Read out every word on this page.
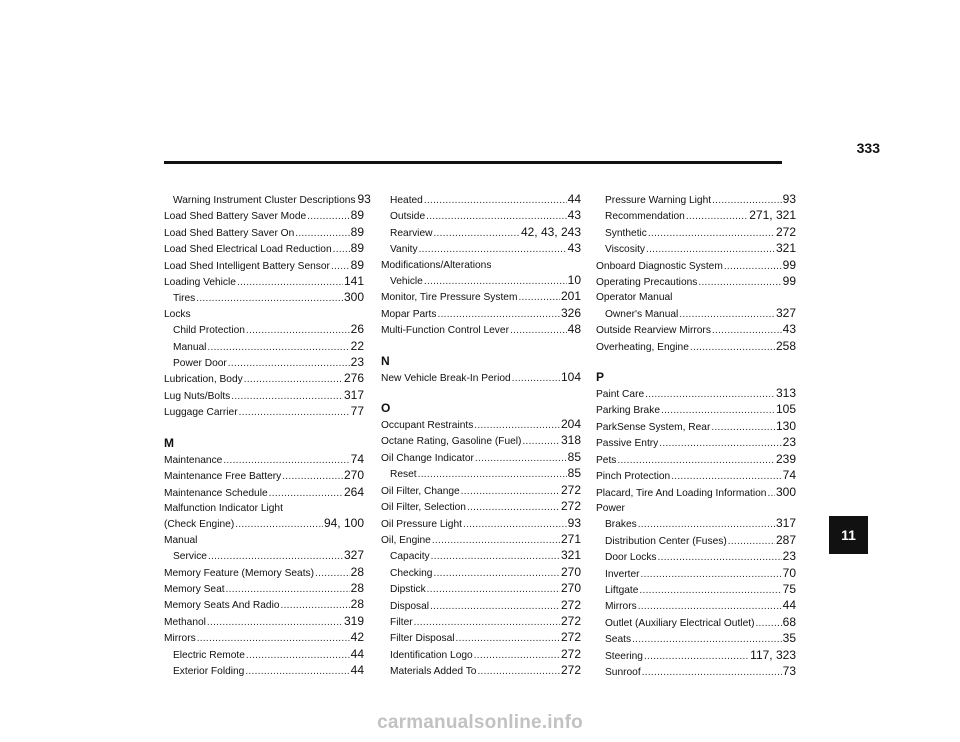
333
Warning Instrument Cluster Descriptions 93
Load Shed Battery Saver Mode .....	89
Load Shed Battery Saver On .....	89
Load Shed Electrical Load Reduction ..... 89
Load Shed Intelligent Battery Sensor ..... 89
Loading Vehicle .....	141
Tires .....	300
Locks
Child Protection .....	26
Manual .....	22
Power Door .....	23
Lubrication, Body .....	276
Lug Nuts/Bolts .....	317
Luggage Carrier .....	77
M
Maintenance .....	74
Maintenance Free Battery .....	270
Maintenance Schedule .....	264
Malfunction Indicator Light
(Check Engine) .....	94, 100
Manual
Service .....	327
Memory Feature (Memory Seats) .....	28
Memory Seat .....	28
Memory Seats And Radio .....	28
Methanol .....	319
Mirrors .....	42
Electric Remote .....	44
Exterior Folding .....	44
Heated .....	44
Outside .....	43
Rearview .....	42, 43, 243
Vanity .....	43
Modifications/Alterations
Vehicle .....	10
Monitor, Tire Pressure System .....	201
Mopar Parts .....	326
Multi-Function Control Lever .....	48
N
New Vehicle Break-In Period .....	104
O
Occupant Restraints .....	204
Octane Rating, Gasoline (Fuel) .....	318
Oil Change Indicator .....	85
Reset .....	85
Oil Filter, Change .....	272
Oil Filter, Selection .....	272
Oil Pressure Light .....	93
Oil, Engine .....	271
Capacity .....	321
Checking .....	270
Dipstick .....	270
Disposal .....	272
Filter .....	272
Filter Disposal .....	272
Identification Logo .....	272
Materials Added To .....	272
Pressure Warning Light .....	93
Recommendation .....	271, 321
Synthetic .....	272
Viscosity .....	321
Onboard Diagnostic System .....	99
Operating Precautions .....	99
Operator Manual
Owner's Manual .....	327
Outside Rearview Mirrors .....	43
Overheating, Engine .....	258
P
Paint Care .....	313
Parking Brake .....	105
ParkSense System, Rear .....	130
Passive Entry .....	23
Pets .....	239
Pinch Protection .....	74
Placard, Tire And Loading Information ..... 300
Power
Brakes .....	317
Distribution Center (Fuses) .....	287
Door Locks .....	23
Inverter .....	70
Liftgate .....	75
Mirrors .....	44
Outlet (Auxiliary Electrical Outlet) ..... 68
Seats .....	35
Steering .....	117, 323
Sunroof .....	73
11
carmanualsonline.info
